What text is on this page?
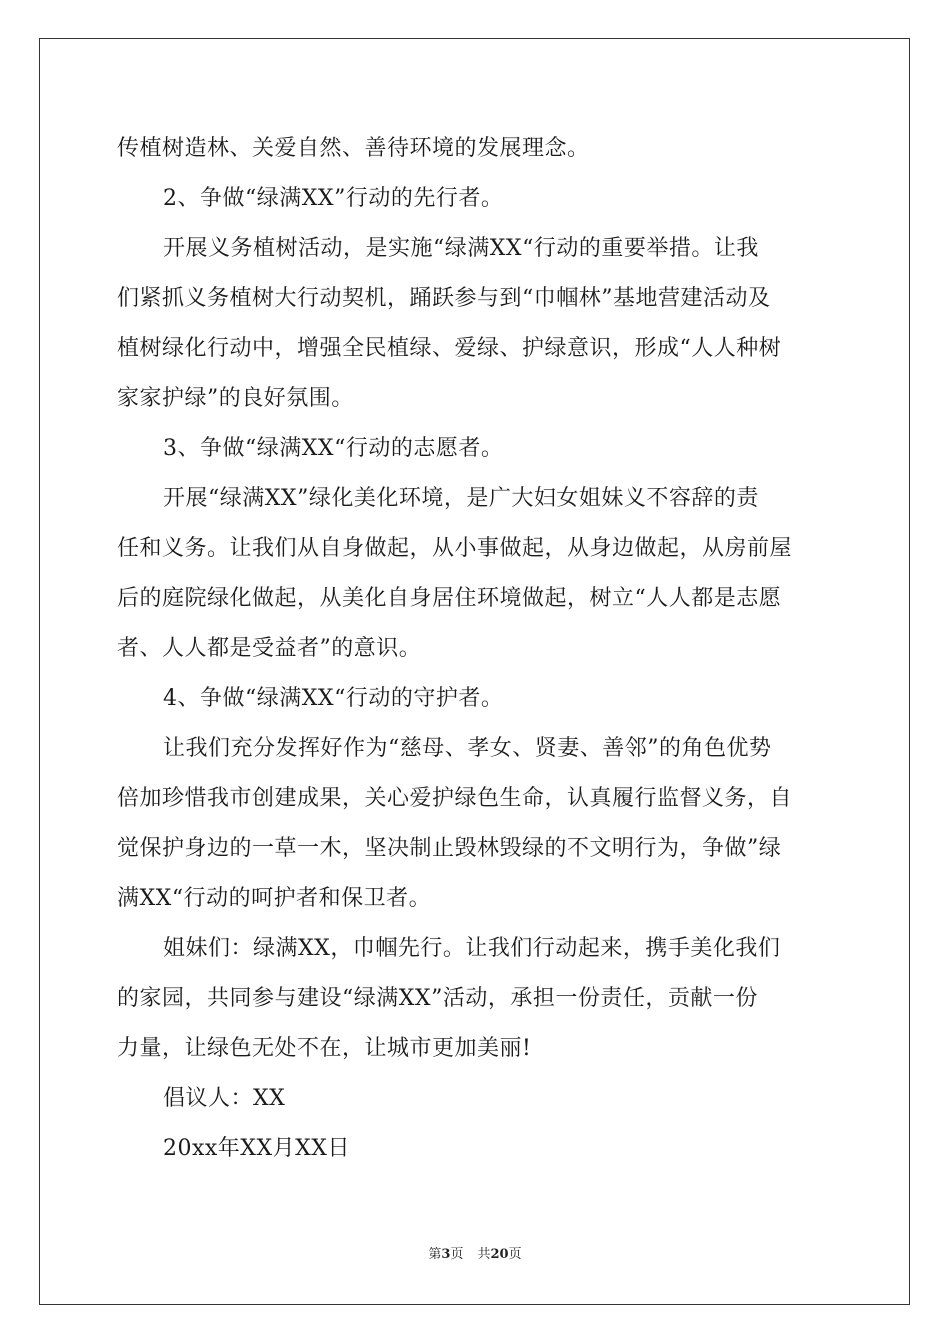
传植树造林、关爱自然、善待环境的发展理念。
2、争做“绿满XX”行动的先行者。
开展义务植树活动，是实施“绿满XX“行动的重要举措。让我
们紧抓义务植树大行动契机，踊跃参与到“巾帼林”基地营建活动及
植树绿化行动中，增强全民植绿、爱绿、护绿意识，形成“人人种树
家家护绿”的良好氛围。
3、争做“绿满XX“行动的志愿者。
开展“绿满XX”绿化美化环境，是广大妇女姐妹义不容辞的责
任和义务。让我们从自身做起，从小事做起，从身边做起，从房前屋
后的庭院绿化做起，从美化自身居住环境做起，树立“人人都是志愿
者、人人都是受益者”的意识。
4、争做“绿满XX“行动的守护者。
让我们充分发挥好作为“慈母、孝女、贤妻、善邻”的角色优势
倍加珍惜我市创建成果，关心爱护绿色生命，认真履行监督义务，自
觉保护身边的一草一木，坚决制止毁林毁绿的不文明行为，争做”绿
满XX“行动的呵护者和保卫者。
姐妹们：绿满XX，巾帼先行。让我们行动起来，携手美化我们
的家园，共同参与建设“绿满XX”活动，承担一份责任，贡献一份
力量，让绿色无处不在，让城市更加美丽!
倡议人：XX
20xx年XX月XX日
第3页 共20页
